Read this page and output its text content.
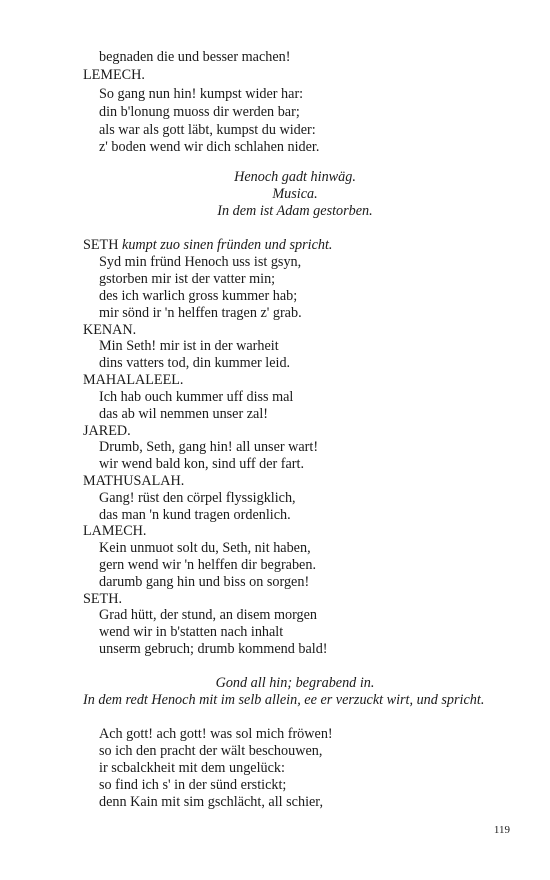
begnaden die und besser machen!
LEMECH.
So gang nun hin! kumpst wider har:
din b'lonung muoss dir werden bar;
als war als gott läbt, kumpst du wider:
z' boden wend wir dich schlahen nider.
Henoch gadt hinwäg.
Musica.
In dem ist Adam gestorben.
SETH kumpt zuo sinen fründen und spricht.
Syd min fründ Henoch uss ist gsyn,
gstorben mir ist der vatter min;
des ich warlich gross kummer hab;
mir sönd ir 'n helffen tragen z' grab.
KENAN.
Min Seth! mir ist in der warheit
dins vatters tod, din kummer leid.
MAHALALEEL.
Ich hab ouch kummer uff diss mal
das ab wil nemmen unser zal!
JARED.
Drumb, Seth, gang hin! all unser wart!
wir wend bald kon, sind uff der fart.
MATHUSALAH.
Gang! rüst den cörpel flyssigklich,
das man 'n kund tragen ordenlich.
LAMECH.
Kein unmuot solt du, Seth, nit haben,
gern wend wir 'n helffen dir begraben.
darumb gang hin und biss on sorgen!
SETH.
Grad hütt, der stund, an disem morgen
wend wir in b'statten nach inhalt
unserm gebruch; drumb kommend bald!
Gond all hin; begrabend in.
In dem redt Henoch mit im selb allein, ee er verzuckt wirt, und spricht.
Ach gott! ach gott! was sol mich fröwen!
so ich den pracht der wält beschouwen,
ir scbalckheit mit dem ungelück:
so find ich s' in der sünd erstickt;
denn Kain mit sim gschlächt, all schier,
119
